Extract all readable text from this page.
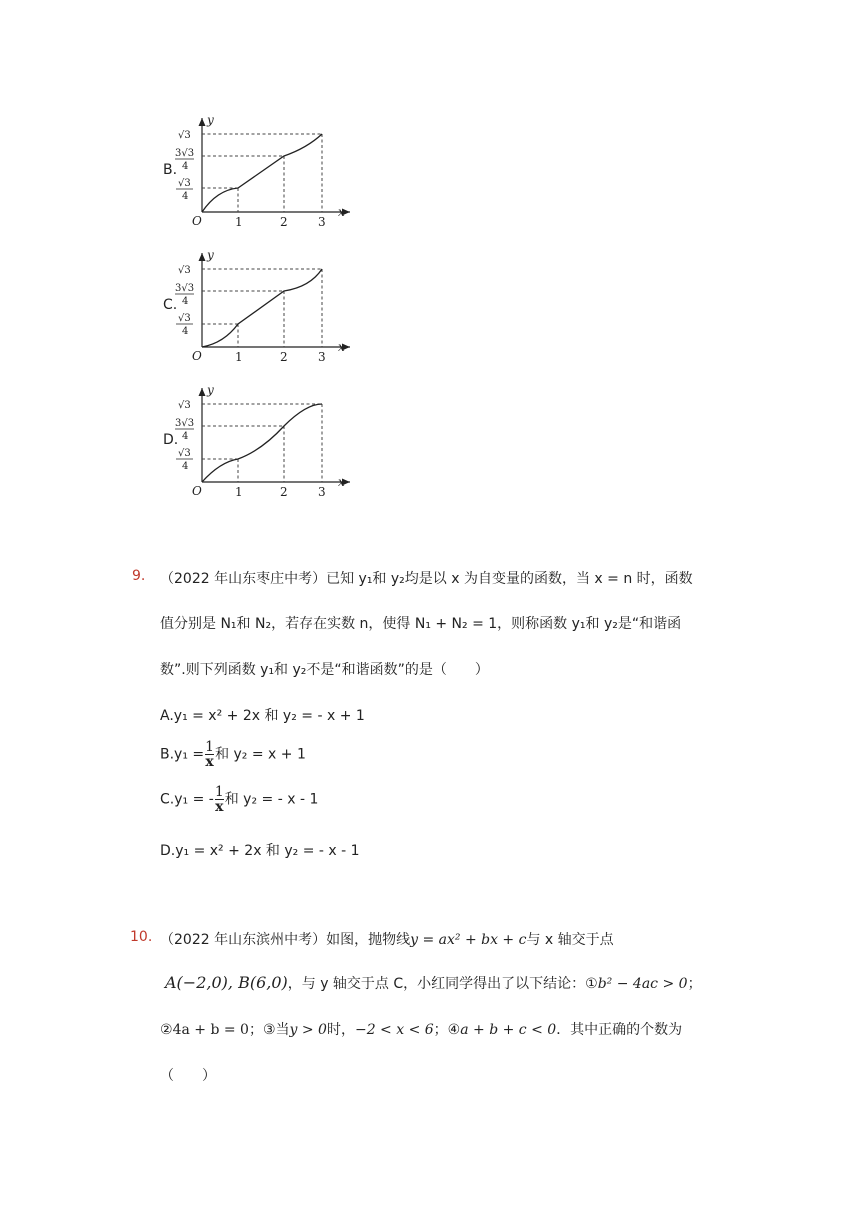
B.
y
x
O	1	2	3
√3
3√3
4
√3
4
C.
y
x
O	1	2	3
√3
3√3
4
√3
4
D.
y
x
O	1	2	3
√3
3√3
4
√3
4
9. （2022 年山东枣庄中考）已知 y₁和 y₂均是以 x 为自变量的函数，当 x = n 时，函数
值分别是 N₁和 N₂，若存在实数 n，使得 N₁ + N₂ = 1，则称函数 y₁和 y₂是“和谐函
数”.则下列函数 y₁和 y₂不是“和谐函数”的是（　　）
A.y₁ = x² + 2x 和 y₂ = - x + 1
$B.y_1 = \frac{1}{x}$ 和 y₂ = x + 1
C.y₁ = - $\frac{1}{x}$ 和 y₂ = - x - 1
D.y₁ = x² + 2x 和 y₂ = - x - 1
10. （2022 年山东滨州中考）如图，抛物线y = ax² + bx + c与 x 轴交于点
A(−2,0), B(6,0)，与 y 轴交于点 C，小红同学得出了以下结论：①b² − 4ac > 0；
②4a + b = 0；③当y > 0时，−2 < x < 6；④a + b + c < 0．其中正确的个数为
（　　）
